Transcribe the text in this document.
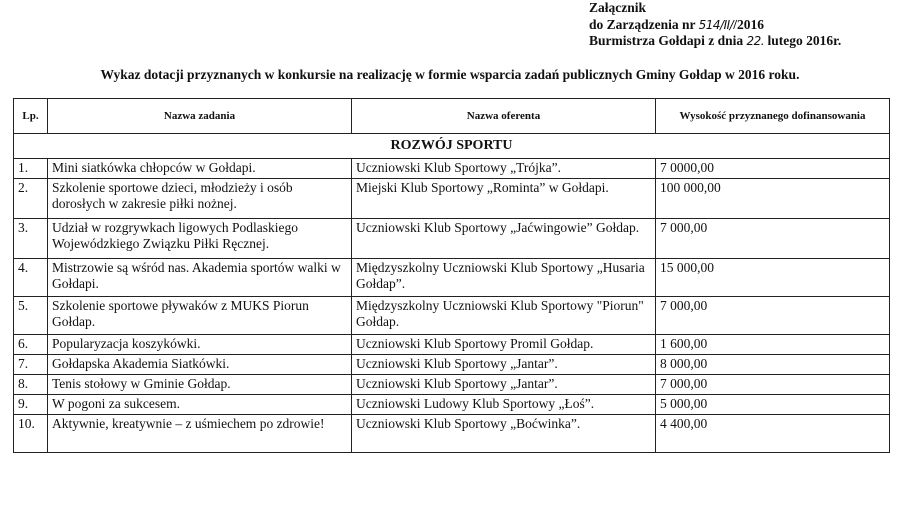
Załącznik
do Zarządzenia nr 514/II//2016
Burmistrza Gołdapi z dnia 22. lutego 2016r.
Wykaz dotacji przyznanych w konkursie na realizację w formie wsparcia zadań publicznych Gminy Gołdap w 2016 roku.
Lp.	Nazwa zadania	Nazwa oferenta	Wysokość przyznanego dofinansowania
ROZWÓJ SPORTU			
1.	Mini siatkówka chłopców w Gołdapi.	Uczniowski Klub Sportowy „Trójka”.	7 0000,00
2.	Szkolenie sportowe dzieci, młodzieży i osób dorosłych w zakresie piłki nożnej.	Miejski Klub Sportowy „Romintа” w Gołdapi.	100 000,00
3.	Udział w rozgrywkach ligowych Podlaskiego Wojewódzkiego Związku Piłki Ręcznej.	Uczniowski Klub Sportowy „Jaćwingowie” Gołdap.	7 000,00
4.	Mistrzowie są wśród nas. Akademia sportów walki w Gołdapi.	Międzyszkolny Uczniowski Klub Sportowy „Husaria Gołdap”.	15 000,00
5.	Szkolenie sportowe pływaków z MUKS Piorun Gołdap.	Międzyszkolny Uczniowski Klub Sportowy "Piorun" Gołdap.	7 000,00
6.	Popularyzacja koszykówki.	Uczniowski Klub Sportowy Promil Gołdap.	1 600,00
7.	Gołdapska Akademia Siatkówki.	Uczniowski Klub Sportowy „Jantar”.	8 000,00
8.	Tenis stołowy w Gminie Gołdap.	Uczniowski Klub Sportowy „Jantar”.	7 000,00
9.	W pogoni za sukcesem.	Uczniowski Ludowy Klub Sportowy „Łoś”.	5 000,00
10.	Aktywnie, kreatywnie – z uśmiechem po zdrowie!	Uczniowski Klub Sportowy „Boćwinka”.	4 400,00
